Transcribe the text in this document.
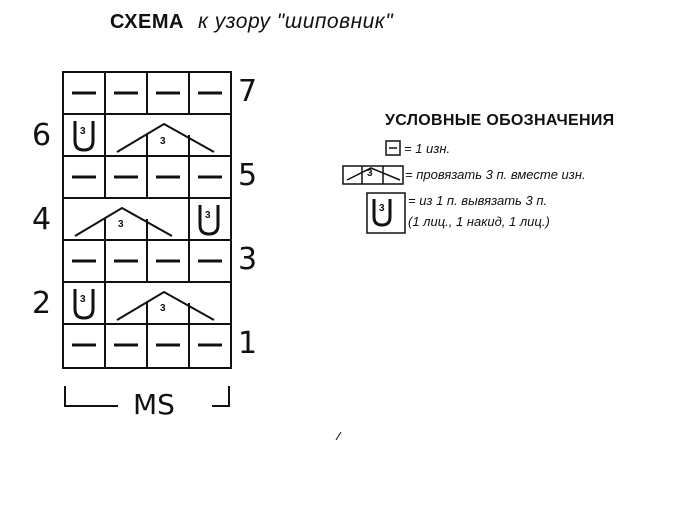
СХЕМА к узору "шиповник"
3
3
3
3
3
3
3
3
7
6
5
4
3
2
1
MS
УСЛОВНЫЕ ОБОЗНАЧЕНИЯ
= 1 изн.
= провязать 3 п. вместе изн.
= из 1 п. вывязать 3 п.
(1 лиц., 1 накид, 1 лиц.)
